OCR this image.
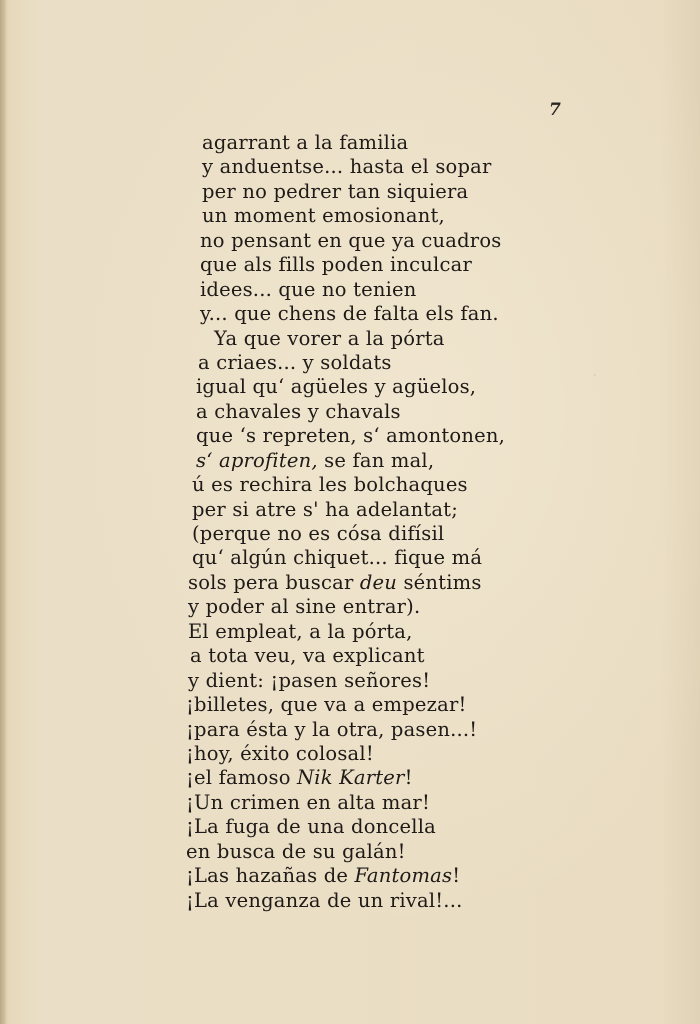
.
7
agarrant a la familia
y anduentse... hasta el sopar
per no pedrer tan siquiera
un moment emosionant,
no pensant en que ya cuadros
que als fills poden inculcar
idees... que no tenien
y... que chens de falta els fan.
Ya que vorer a la pórta
a criaes... y soldats
igual qu‘ agüeles y agüelos,
a chavales y chavals
que ‘s repreten, s‘ amontonen,
s‘ aprofiten, se fan mal,
ú es rechira les bolchaques
per si atre s' ha adelantat;
(perque no es cósa difísil
qu‘ algún chiquet... fique má
sols pera buscar deu séntims
y poder al sine entrar).
El empleat, a la pórta,
a tota veu, va explicant
y dient: ¡pasen señores!
¡billetes, que va a empezar!
¡para ésta y la otra, pasen...!
¡hoy, éxito colosal!
¡el famoso Nik Karter!
¡Un crimen en alta mar!
¡La fuga de una doncella
en busca de su galán!
¡Las hazañas de Fantomas!
¡La venganza de un rival!...
